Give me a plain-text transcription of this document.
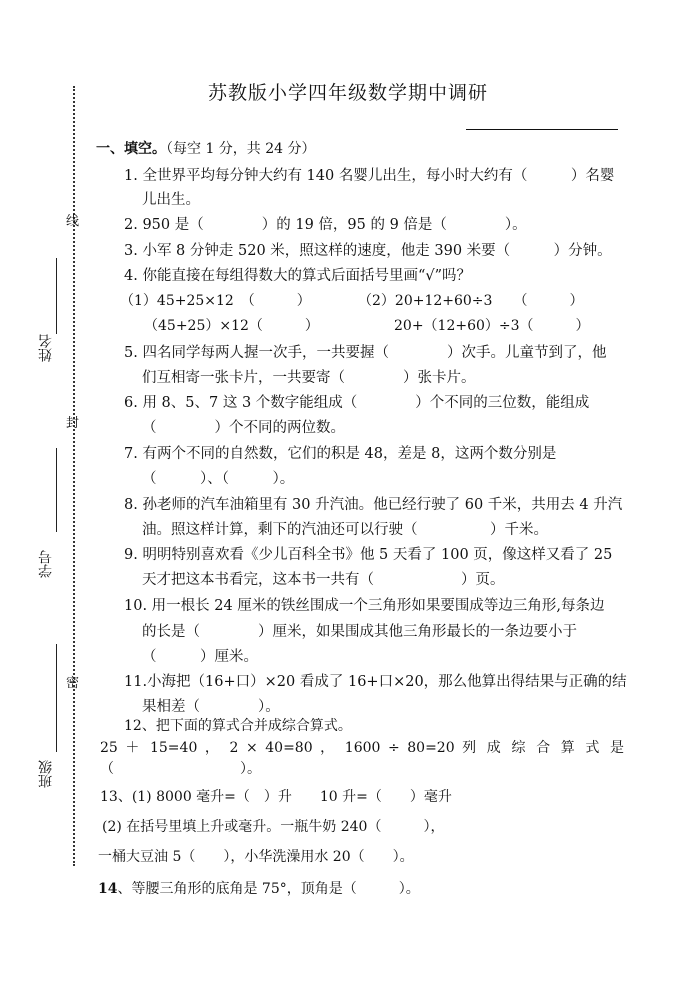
苏教版小学四年级数学期中调研
线
封
密
姓名
学号
班级
一、填空。（每空 1 分，共 24 分）
1. 全世界平均每分钟大约有 140 名婴儿出生，每小时大约有（　　　）名婴
儿出生。
2. 950 是（　　　　）的 19 倍，95 的 9 倍是（　　　　）。
3. 小军 8 分钟走 520 米，照这样的速度，他走 390 米要（　　　）分钟。
4. 你能直接在每组得数大的算式后面括号里画“√”吗？
（1）45+25×12　（　　　）
（45+25）×12（　　　）
（2）20+12+60÷3　　（　　　）
20+（12+60）÷3（　　　）
5. 四名同学每两人握一次手，一共要握（　　　　）次手。儿童节到了，他
们互相寄一张卡片，一共要寄（　　　　）张卡片。
6. 用 8、5、7 这 3 个数字能组成（　　　　）个不同的三位数，能组成
（　　　　）个不同的两位数。
7. 有两个不同的自然数，它们的积是 48，差是 8，这两个数分别是
（　　　）、（　　　）。
8. 孙老师的汽车油箱里有 30 升汽油。他已经行驶了 60 千米，共用去 4 升汽
油。照这样计算，剩下的汽油还可以行驶（　　　　　）千米。
9. 明明特别喜欢看《少儿百科全书》他 5 天看了 100 页，像这样又看了 25
天才把这本书看完，这本书一共有（　　　　　　）页。
10. 用一根长 24 厘米的铁丝围成一个三角形如果要围成等边三角形,每条边
的长是（　　　　）厘米，如果围成其他三角形最长的一条边要小于
（　　　）厘米。
11.小海把（16+口）×20 看成了 16+口×20，那么他算出得结果与正确的结
果相差（　　　　）。
12、把下面的算式合并成综合算式。
25 ＋ 15=40 ， 2 × 40=80 ， 1600 ÷ 80=20 列 成 综 合 算 式 是
（　　　　　　　　　）。
13、(1) 8000 毫升=（　）升　　10 升=（　　）毫升
(2) 在括号里填上升或毫升。一瓶牛奶 240（　　　），
一桶大豆油 5（　　），小华洗澡用水 20（　　）。
14、等腰三角形的底角是 75°，顶角是（　　　）。
